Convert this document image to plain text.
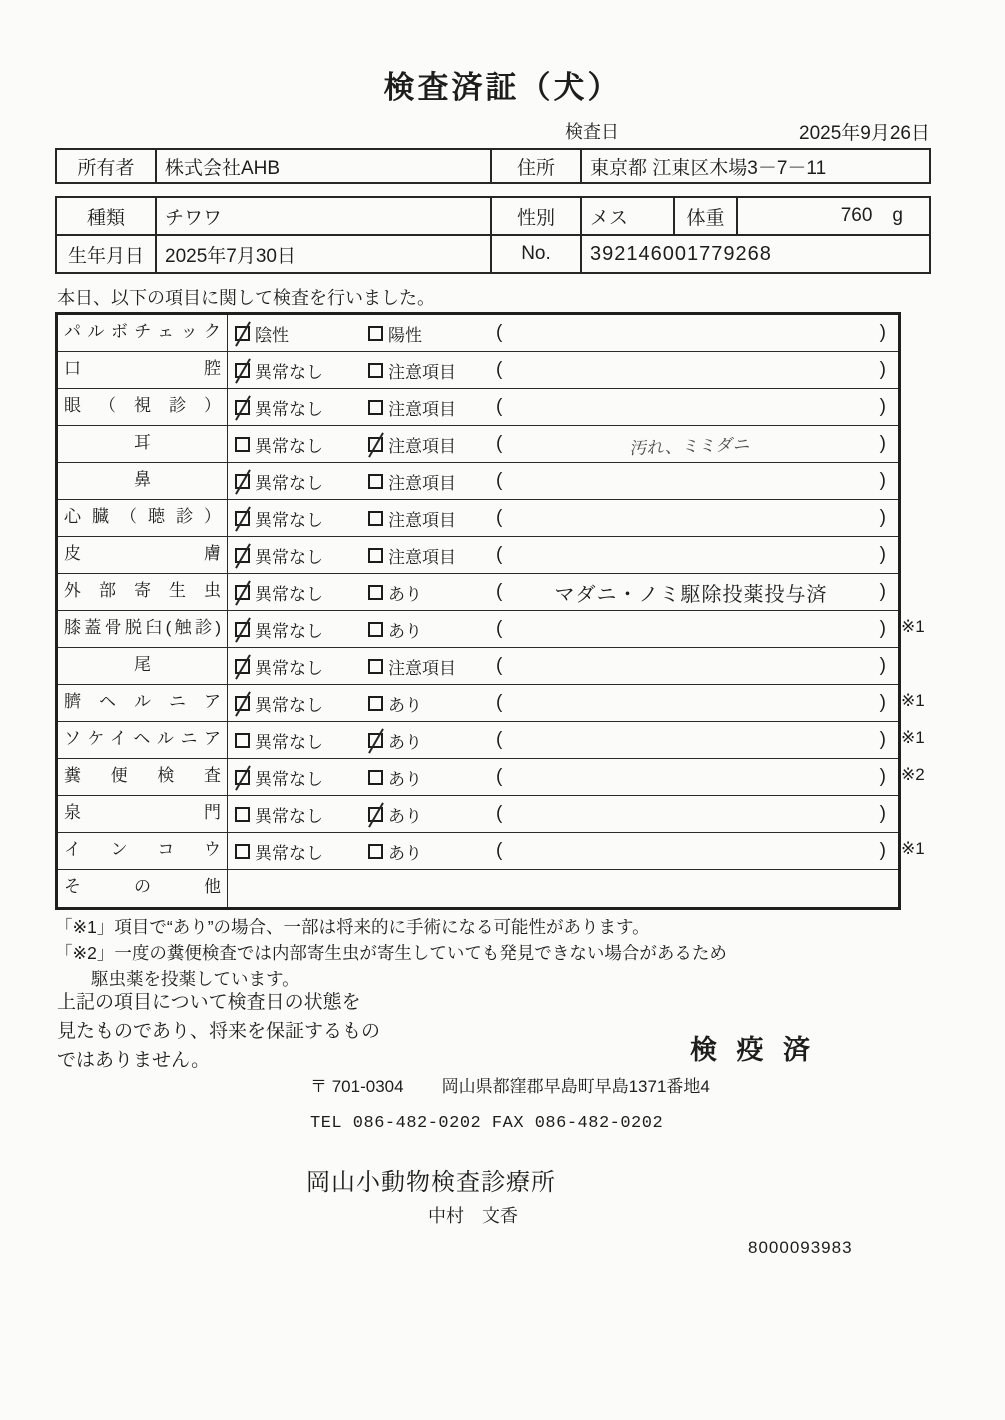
検査済証（犬）
検査日	2025年9月26日
所有者	株式会社AHB	住所	東京都 江東区木場3－7－11
種類	チワワ	性別	メス	体重	760 g
生年月日	2025年7月30日	No.	392146001779268

本日、以下の項目に関して検査を行いました。

パルボチェック	陰性	陽性	(	)
口腔	異常なし	注意項目 (	)
眼（視診）	異常なし	注意項目 (	)
耳	異常なし	注意項目 (	汚れ、ミミダニ	)
鼻	異常なし	注意項目 (	)
心臓（聴診）	異常なし	注意項目 (	)
皮膚	異常なし	注意項目 (	)
外部寄生虫	異常なし	あり	(	マダニ・ノミ駆除投薬投与済	)
膝蓋骨脱臼(触診)	異常なし	あり	(	) ※1
尾	異常なし	注意項目 (	)
臍ヘルニア	異常なし	あり	(	) ※1
ソケイヘルニア	異常なし	あり	(	) ※1
糞便検査	異常なし	あり	(	) ※2
泉門	異常なし	あり	(	)
インコウ	異常なし	あり	(	) ※1
その他
「※1」項目で“あり”の場合、一部は将来的に手術になる可能性があります。
「※2」一度の糞便検査では内部寄生虫が寄生していても発見できない場合があるため
駆虫薬を投薬しています。
上記の項目について検査日の状態を
見たものであり、将来を保証するもの
ではありません。	検 疫 済
〒 701-0304 岡山県都窪郡早島町早島1371番地4
TEL 086-482-0202 FAX 086-482-0202
岡山小動物検査診療所
中村　文香
8000093983
